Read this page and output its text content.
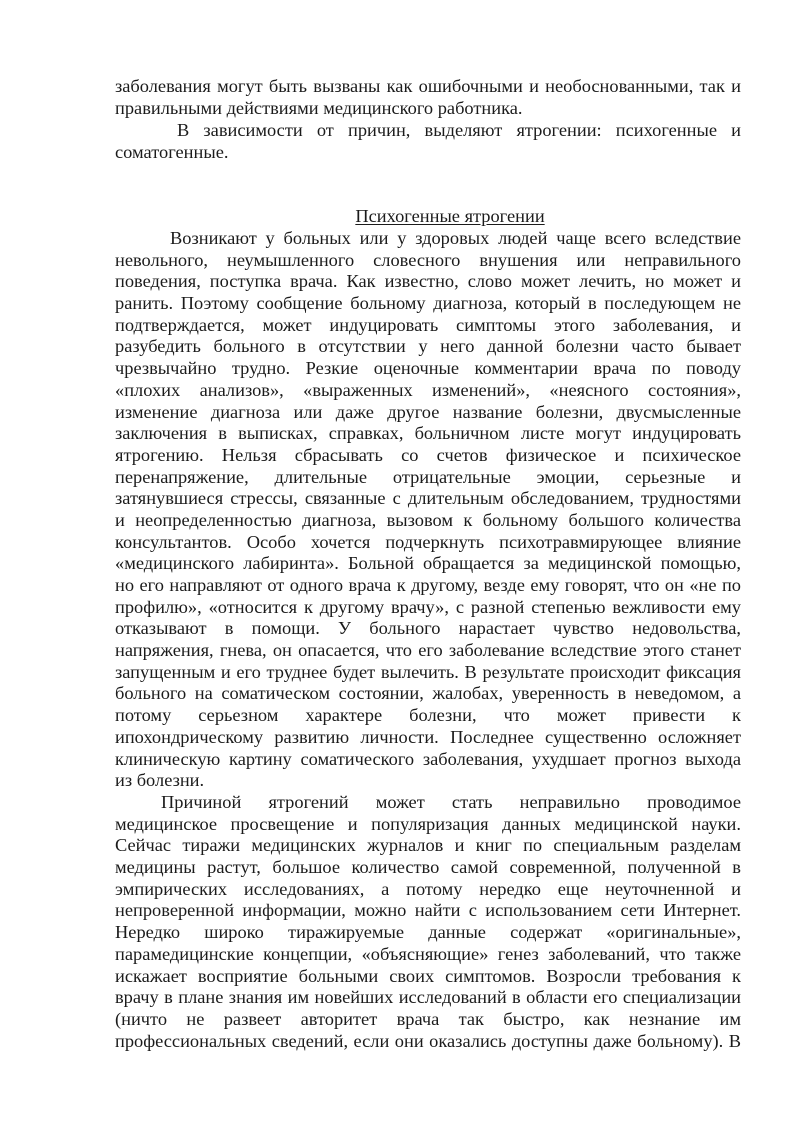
заболевания могут быть вызваны как ошибочными и необоснованными, так и
правильными действиями медицинского работника.
В зависимости от причин, выделяют ятрогении: психогенные и
соматогенные.
Психогенные ятрогении
Возникают у больных или у здоровых людей чаще всего вследствие
невольного, неумышленного словесного внушения или неправильного
поведения, поступка врача. Как известно, слово может лечить, но может и
ранить. Поэтому сообщение больному диагноза, который в последующем не
подтверждается, может индуцировать симптомы этого заболевания, и
разубедить больного в отсутствии у него данной болезни часто бывает
чрезвычайно трудно. Резкие оценочные комментарии врача по поводу
«плохих анализов», «выраженных изменений», «неясного состояния»,
изменение диагноза или даже другое название болезни, двусмысленные
заключения в выписках, справках, больничном листе могут индуцировать
ятрогению. Нельзя сбрасывать со счетов физическое и психическое
перенапряжение, длительные отрицательные эмоции, серьезные и
затянувшиеся стрессы, связанные с длительным обследованием, трудностями
и неопределенностью диагноза, вызовом к больному большого количества
консультантов. Особо хочется подчеркнуть психотравмирующее влияние
«медицинского лабиринта». Больной обращается за медицинской помощью,
но его направляют от одного врача к другому, везде ему говорят, что он «не по
профилю», «относится к другому врачу», с разной степенью вежливости ему
отказывают в помощи. У больного нарастает чувство недовольства,
напряжения, гнева, он опасается, что его заболевание вследствие этого станет
запущенным и его труднее будет вылечить. В результате происходит фиксация
больного на соматическом состоянии, жалобах, уверенность в неведомом, а
потому серьезном характере болезни, что может привести к
ипохондрическому развитию личности. Последнее существенно осложняет
клиническую картину соматического заболевания, ухудшает прогноз выхода
из болезни.
Причиной ятрогений может стать неправильно проводимое
медицинское просвещение и популяризация данных медицинской науки.
Сейчас тиражи медицинских журналов и книг по специальным разделам
медицины растут, большое количество самой современной, полученной в
эмпирических исследованиях, а потому нередко еще неуточненной и
непроверенной информации, можно найти с использованием сети Интернет.
Нередко широко тиражируемые данные содержат «оригинальные»,
парамедицинские концепции, «объясняющие» генез заболеваний, что также
искажает восприятие больными своих симптомов. Возросли требования к
врачу в плане знания им новейших исследований в области его специализации
(ничто не развеет авторитет врача так быстро, как незнание им
профессиональных сведений, если они оказались доступны даже больному). В
